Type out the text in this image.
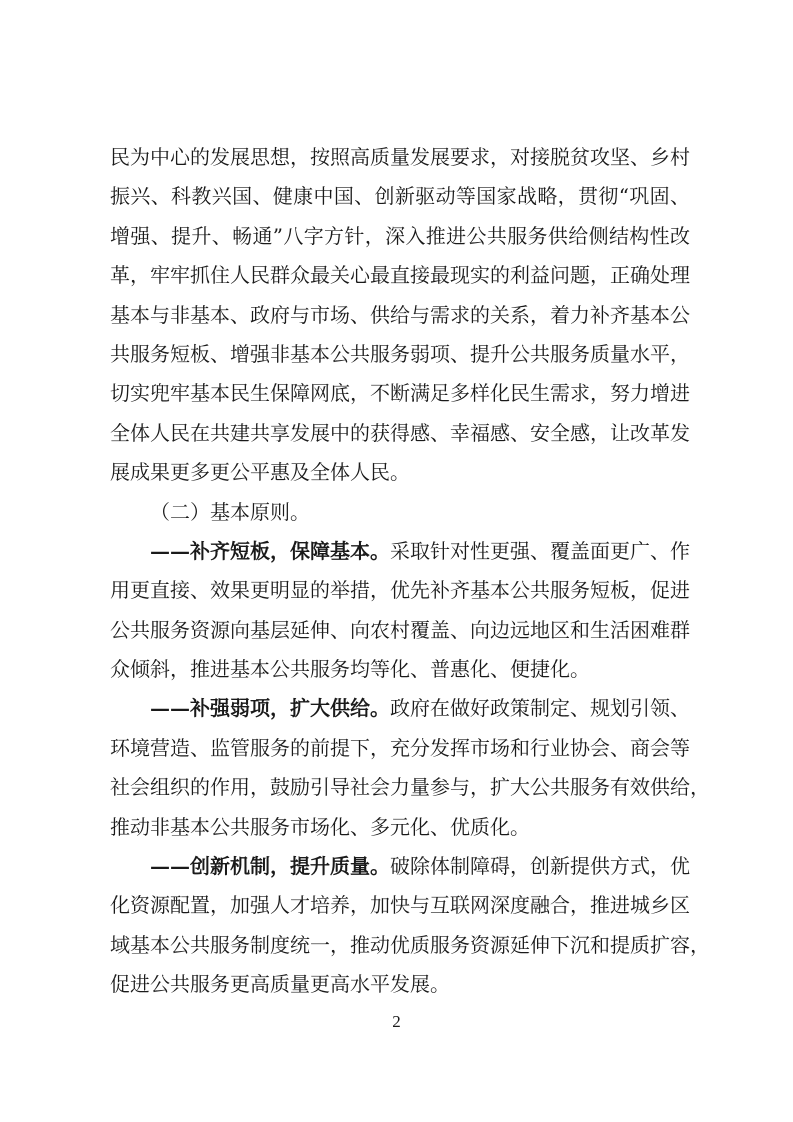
民为中心的发展思想，按照高质量发展要求，对接脱贫攻坚、乡村
振兴、科教兴国、健康中国、创新驱动等国家战略，贯彻“巩固、
增强、提升、畅通”八字方针，深入推进公共服务供给侧结构性改
革，牢牢抓住人民群众最关心最直接最现实的利益问题，正确处理
基本与非基本、政府与市场、供给与需求的关系，着力补齐基本公
共服务短板、增强非基本公共服务弱项、提升公共服务质量水平，
切实兜牢基本民生保障网底，不断满足多样化民生需求，努力增进
全体人民在共建共享发展中的获得感、幸福感、安全感，让改革发
展成果更多更公平惠及全体人民。
（二）基本原则。
——补齐短板，保障基本。采取针对性更强、覆盖面更广、作
用更直接、效果更明显的举措，优先补齐基本公共服务短板，促进
公共服务资源向基层延伸、向农村覆盖、向边远地区和生活困难群
众倾斜，推进基本公共服务均等化、普惠化、便捷化。
——补强弱项，扩大供给。政府在做好政策制定、规划引领、
环境营造、监管服务的前提下，充分发挥市场和行业协会、商会等
社会组织的作用，鼓励引导社会力量参与，扩大公共服务有效供给，
推动非基本公共服务市场化、多元化、优质化。
——创新机制，提升质量。破除体制障碍，创新提供方式，优
化资源配置，加强人才培养，加快与互联网深度融合，推进城乡区
域基本公共服务制度统一，推动优质服务资源延伸下沉和提质扩容，
促进公共服务更高质量更高水平发展。
2
